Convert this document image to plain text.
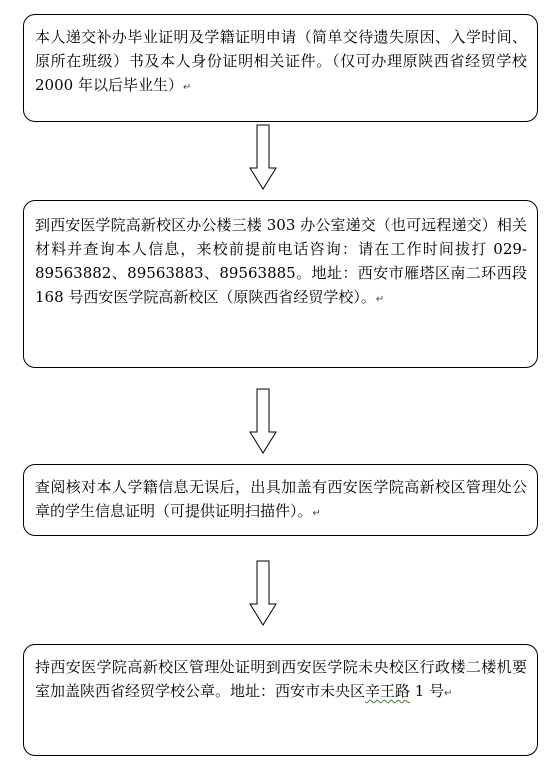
本人递交补办毕业证明及学籍证明申请（简单交待遗失原因、入学时间、原所在班级）书及本人身份证明相关证件。（仅可办理原陕西省经贸学校 2000 年以后毕业生）↵

到西安医学院高新校区办公楼三楼 303 办公室递交（也可远程递交）相关材料并查询本人信息，来校前提前电话咨询：请在工作时间拔打 029-89563882、89563883、89563885。地址：西安市雁塔区南二环西段 168 号西安医学院高新校区（原陕西省经贸学校）。↵

查阅核对本人学籍信息无误后，出具加盖有西安医学院高新校区管理处公章的学生信息证明（可提供证明扫描件）。↵

持西安医学院高新校区管理处证明到西安医学院未央校区行政楼二楼机要室加盖陕西省经贸学校公章。地址：西安市未央区辛王路 1 号↵
